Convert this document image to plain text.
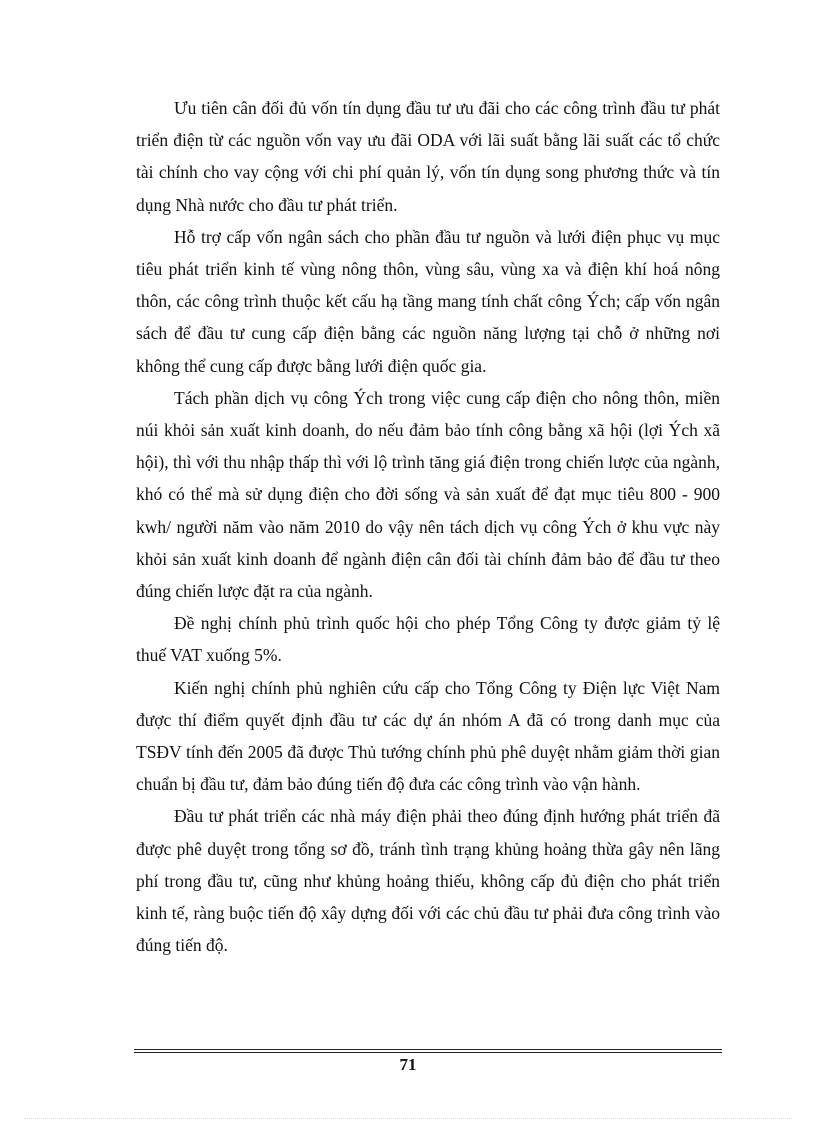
Ưu tiên cân đối đủ vốn tín dụng đầu tư ưu đãi cho các công trình đầu tư phát triển điện từ các nguồn vốn vay ưu đãi ODA với lãi suất bằng lãi suất các tổ chức tài chính cho vay cộng với chi phí quản lý, vốn tín dụng song phương thức và tín dụng Nhà nước cho đầu tư phát triển.

Hỗ trợ cấp vốn ngân sách cho phần đầu tư nguồn và lưới điện phục vụ mục tiêu phát triển kinh tế vùng nông thôn, vùng sâu, vùng xa và điện khí hoá nông thôn, các công trình thuộc kết cấu hạ tầng mang tính chất công Ých; cấp vốn ngân sách để đầu tư cung cấp điện bằng các nguồn năng lượng tại chỗ ở những nơi không thể cung cấp được bằng lưới điện quốc gia.

Tách phần dịch vụ công Ých trong việc cung cấp điện cho nông thôn, miền núi khỏi sản xuất kinh doanh, do nếu đảm bảo tính công bằng xã hội (lợi Ých xã hội), thì với thu nhập thấp thì với lộ trình tăng giá điện trong chiến lược của ngành, khó có thể mà sử dụng điện cho đời sống và sản xuất để đạt mục tiêu 800 - 900 kwh/ người năm vào năm 2010 do vậy nên tách dịch vụ công Ých ở khu vực này khỏi sản xuất kinh doanh để ngành điện cân đối tài chính đảm bảo để đầu tư theo đúng chiến lược đặt ra của ngành.

Đề nghị chính phủ trình quốc hội cho phép Tổng Công ty được giảm tỷ lệ thuế VAT xuống 5%.

Kiến nghị chính phủ nghiên cứu cấp cho Tổng Công ty Điện lực Việt Nam được thí điểm quyết định đầu tư các dự án nhóm A đã có trong danh mục của TSĐV tính đến 2005 đã được Thủ tướng chính phủ phê duyệt nhằm giảm thời gian chuẩn bị đầu tư, đảm bảo đúng tiến độ đưa các công trình vào vận hành.

Đầu tư phát triển các nhà máy điện phải theo đúng định hướng phát triển đã được phê duyệt trong tổng sơ đồ, tránh tình trạng khủng hoảng thừa gây nên lãng phí trong đầu tư, cũng như khủng hoảng thiếu, không cấp đủ điện cho phát triển kinh tế, ràng buộc tiến độ xây dựng đối với các chủ đầu tư phải đưa công trình vào đúng tiến độ.

71
